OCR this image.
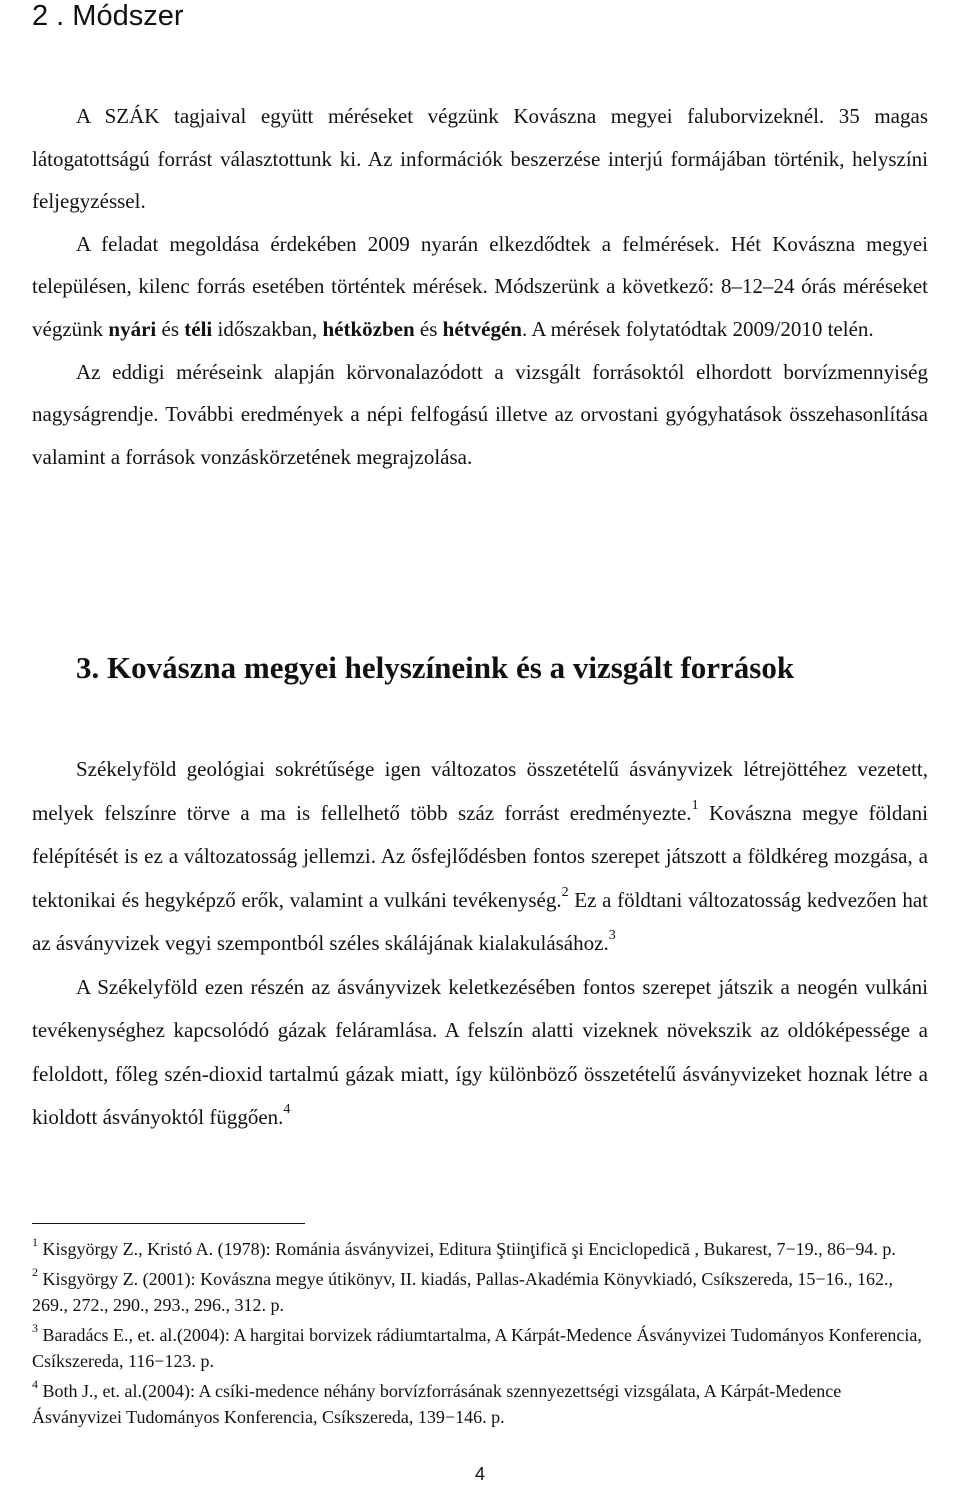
2 . Módszer
A SZÁK tagjaival együtt méréseket végzünk Kovászna megyei faluborvizeknél. 35 magas látogatottságú forrást választottunk ki. Az információk beszerzése interjú formájában történik, helyszíni feljegyzéssel.
A feladat megoldása érdekében 2009 nyarán elkezdődtek a felmérések. Hét Kovászna megyei településen, kilenc forrás esetében történtek mérések. Módszerünk a következő: 8–12–24 órás méréseket végzünk nyári és téli időszakban, hétközben és hétvégén. A mérések folytatódtak 2009/2010 telén.
Az eddigi méréseink alapján körvonalazódott a vizsgált forrásoktól elhordott borvízmennyiség nagyságrendje. További eredmények a népi felfogású illetve az orvostani gyógyhatások összehasonlítása valamint a források vonzáskörzetének megrajzolása.
3. Kovászna megyei helyszíneink és a vizsgált források
Székelyföld geológiai sokrétűsége igen változatos összetételű ásványvizek létrejöttéhez vezetett, melyek felszínre törve a ma is fellelhető több száz forrást eredményezte.$^1$ Kovászna megye földani felépítését is ez a változatosság jellemzi. Az ősfejlődésben fontos szerepet játszott a földkéreg mozgása, a tektonikai és hegyképző erők, valamint a vulkáni tevékenység.$^2$ Ez a földtani változatosság kedvezően hat az ásványvizek vegyi szempontból széles skálájának kialakulásához.$^3$
A Székelyföld ezen részén az ásványvizek keletkezésében fontos szerepet játszik a neogén vulkáni tevékenységhez kapcsolódó gázak feláramlása. A felszín alatti vizeknek növekszik az oldóképessége a feloldott, főleg szén-dioxid tartalmú gázak miatt, így különböző összetételű ásványvizeket hoznak létre a kioldott ásványoktól függően.$^4$
$^1$ Kisgyörgy Z., Kristó A. (1978): Románia ásványvizei, Editura Ştiinţifică şi Enciclopedică , Bukarest, 7−19., 86−94. p.
$^2$ Kisgyörgy Z. (2001): Kovászna megye útikönyv, II. kiadás, Pallas-Akadémia Könyvkiadó, Csíkszereda, 15−16., 162., 269., 272., 290., 293., 296., 312. p.
$^3$ Baradács E., et. al.(2004): A hargitai borvizek rádiumtartalma, A Kárpát-Medence Ásványvizei Tudományos Konferencia, Csíkszereda, 116−123. p.
$^4$ Both J., et. al.(2004): A csíki-medence néhány borvízforrásának szennyezettségi vizsgálata, A Kárpát-Medence Ásványvizei Tudományos Konferencia, Csíkszereda, 139−146. p.
4
